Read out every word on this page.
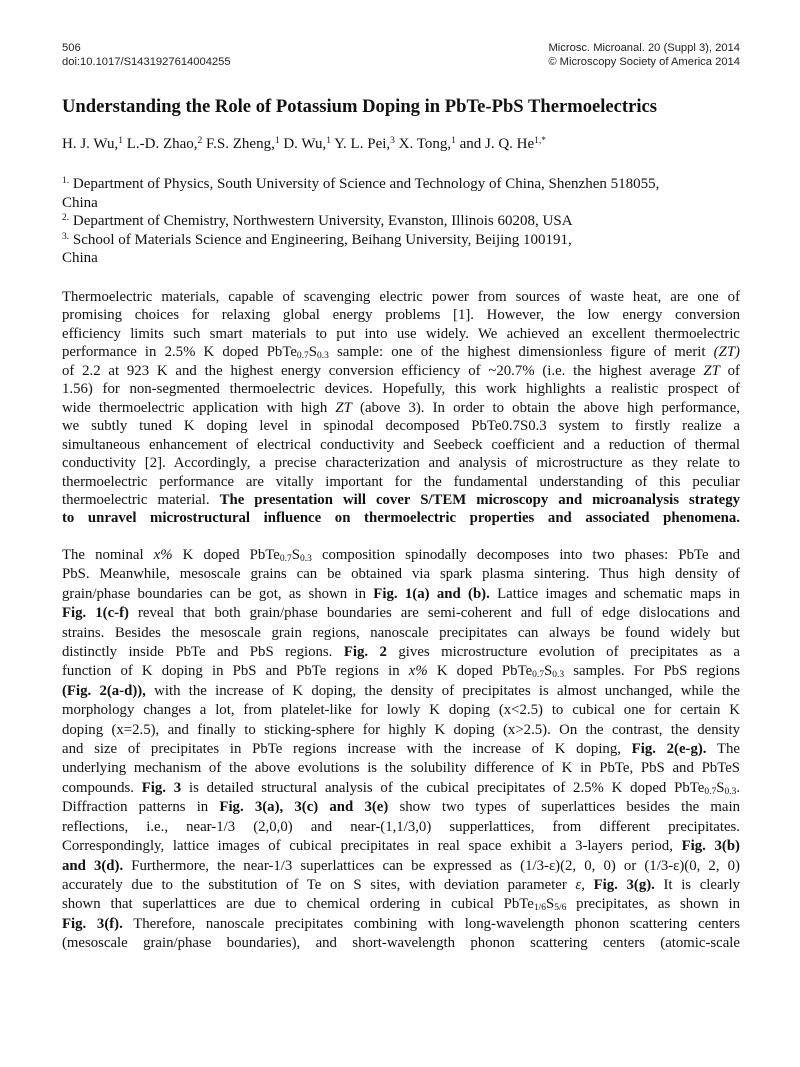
506
doi:10.1017/S1431927614004255
Microsc. Microanal. 20 (Suppl 3), 2014
© Microscopy Society of America 2014
Understanding the Role of Potassium Doping in PbTe-PbS Thermoelectrics
H. J. Wu,$^1$ L.-D. Zhao,$^2$ F.S. Zheng,$^1$ D. Wu,$^1$ Y. L. Pei,$^3$ X. Tong,$^1$ and J. Q. $He^{1,*}$
$^{1.}$ Department of Physics, South University of Science and Technology of China, Shenzhen 518055,
China
$^{2.}$ Department of Chemistry, Northwestern University, Evanston, Illinois 60208, USA
$^{3.}$ School of Materials Science and Engineering, Beihang University, Beijing 100191,
China
Thermoelectric materials, capable of scavenging electric power from sources of waste heat, are one of
promising choices for relaxing global energy problems [1]. However, the low energy conversion
efficiency limits such smart materials to put into use widely. We achieved an excellent thermoelectric
performance in 2.5% K doped $PbTe_{0.7}S_{0.3}$ sample: one of the highest dimensionless figure of merit (ZT)
of 2.2 at 923 K and the highest energy conversion efficiency of ~20.7% (i.e. the highest average ZT of
1.56) for non-segmented thermoelectric devices. Hopefully, this work highlights a realistic prospect of
wide thermoelectric application with high ZT (above 3). In order to obtain the above high performance,
we subtly tuned K doping level in spinodal decomposed PbTe0.7S0.3 system to firstly realize a
simultaneous enhancement of electrical conductivity and Seebeck coefficient and a reduction of thermal
conductivity [2]. Accordingly, a precise characterization and analysis of microstructure as they relate to
thermoelectric performance are vitally important for the fundamental understanding of this peculiar
thermoelectric material. The presentation will cover S/TEM microscopy and microanalysis strategy
to unravel microstructural influence on thermoelectric properties and associated phenomena.
The nominal x% K doped $PbTe_{0.7}S_{0.3}$ composition spinodally decomposes into two phases: PbTe and
PbS. Meanwhile, mesoscale grains can be obtained via spark plasma sintering. Thus high density of
grain/phase boundaries can be got, as shown in Fig. 1(a) and (b). Lattice images and schematic maps in
Fig. 1(c-f) reveal that both grain/phase boundaries are semi-coherent and full of edge dislocations and
strains. Besides the mesoscale grain regions, nanoscale precipitates can always be found widely but
distinctly inside PbTe and PbS regions. Fig. 2 gives microstructure evolution of precipitates as a
function of K doping in PbS and PbTe regions in x% K doped $PbTe_{0.7}S_{0.3}$ samples. For PbS regions
(Fig. 2(a-d)), with the increase of K doping, the density of precipitates is almost unchanged, while the
morphology changes a lot, from platelet-like for lowly K doping (x<2.5) to cubical one for certain K
doping (x=2.5), and finally to sticking-sphere for highly K doping (x>2.5). On the contrast, the density
and size of precipitates in PbTe regions increase with the increase of K doping, Fig. 2(e-g). The
underlying mechanism of the above evolutions is the solubility difference of K in PbTe, PbS and PbTeS
compounds. Fig. 3 is detailed structural analysis of the cubical precipitates of 2.5% K doped $PbTe_{0.7}S_{0.3}$.
Diffraction patterns in Fig. 3(a), 3(c) and 3(e) show two types of superlattices besides the main
reflections, i.e., near-1/3 (2,0,0) and near-(1,1/3,0) supperlattices, from different precipitates.
Correspondingly, lattice images of cubical precipitates in real space exhibit a 3-layers period, Fig. 3(b)
and 3(d). Furthermore, the near-1/3 superlattices can be expressed as (1/3-ε)(2, 0, 0) or (1/3-ε)(0, 2, 0)
accurately due to the substitution of Te on S sites, with deviation parameter ε, Fig. 3(g). It is clearly
shown that superlattices are due to chemical ordering in cubical $PbTe_{1/6}S_{5/6}$ precipitates, as shown in
Fig. 3(f). Therefore, nanoscale precipitates combining with long-wavelength phonon scattering centers
(mesoscale grain/phase boundaries), and short-wavelength phonon scattering centers (atomic-scale
